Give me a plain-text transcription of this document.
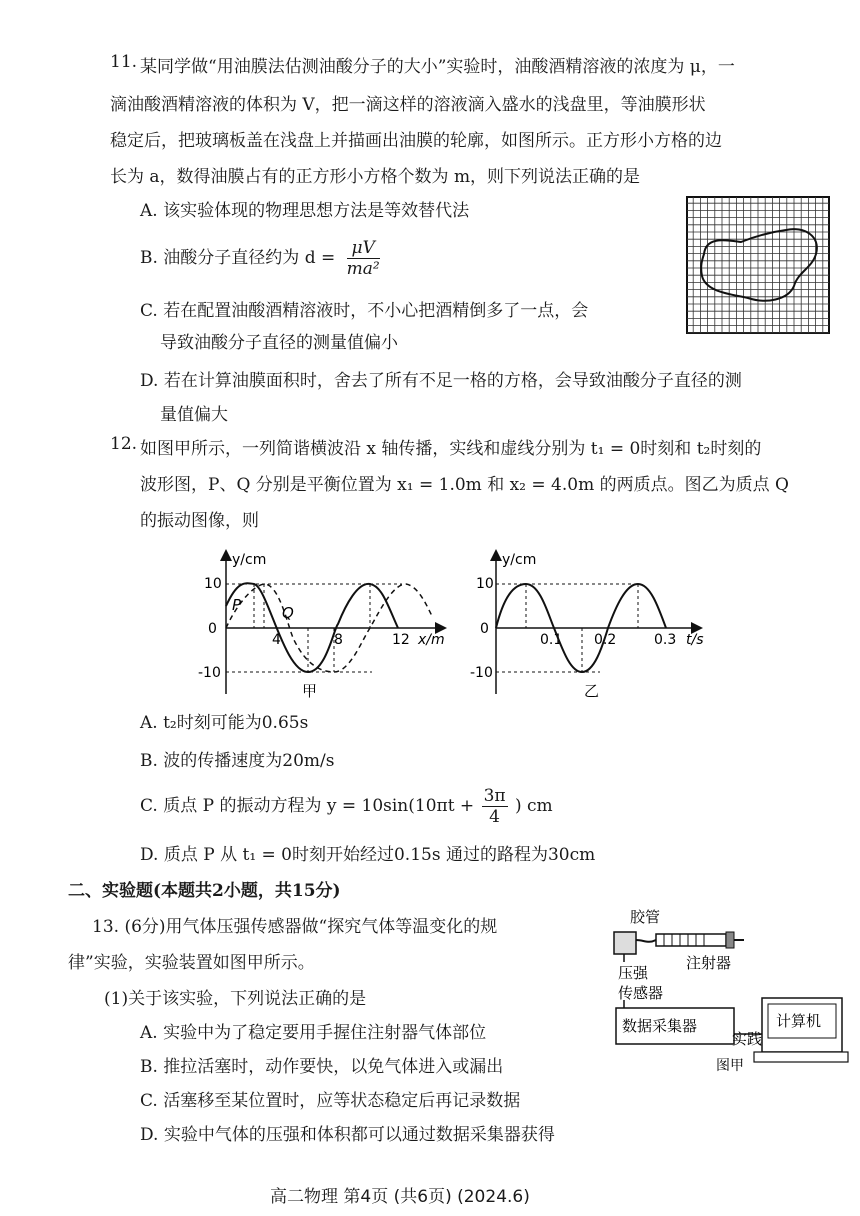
11. 某同学做“用油膜法估测油酸分子的大小”实验时，油酸酒精溶液的浓度为 μ，一
滴油酸酒精溶液的体积为 V，把一滴这样的溶液滴入盛水的浅盘里，等油膜形状
稳定后，把玻璃板盖在浅盘上并描画出油膜的轮廓，如图所示。正方形小方格的边
长为 a，数得油膜占有的正方形小方格个数为 m，则下列说法正确的是
A. 该实验体现的物理思想方法是等效替代法
B. 油酸分子直径约为 $d = \frac{\mu V}{\text{ma²}}$
C. 若在配置油酸酒精溶液时，不小心把酒精倒多了一点，会
导致油酸分子直径的测量值偏小
D. 若在计算油膜面积时，舍去了所有不足一格的方格，会导致油酸分子直径的测
量值偏大
12. 如图甲所示，一列简谐横波沿 x 轴传播，实线和虚线分别为 t₁ = 0时刻和 t₂时刻的
波形图，P、Q 分别是平衡位置为 x₁ = 1.0m 和 x₂ = 4.0m 的两质点。图乙为质点 Q
的振动图像，则
y/cm
x/m
10
0
-10
4	8	12
P	Q
甲
y/cm
t/s
10
0
-10
0.1 0.2	0.3
乙
A. t₂时刻可能为0.65s
B. 波的传播速度为20m/s
C. 质点 P 的振动方程为 $y = 10\sin(10\pi t + \frac{3\pi}{4}$ ) cm
D. 质点 P 从 t₁ = 0时刻开始经过0.15s 通过的路程为30cm
二、实验题(本题共2小题，共15分)
13. (6分)用气体压强传感器做“探究气体等温变化的规
律”实验，实验装置如图甲所示。
(1)关于该实验，下列说法正确的是
A. 实验中为了稳定要用手握住注射器气体部位
B. 推拉活塞时，动作要快，以免气体进入或漏出
C. 活塞移至某位置时，应等状态稳定后再记录数据
D. 实验中气体的压强和体积都可以通过数据采集器获得
胶管
注射器
压强
传感器
数据采集器
实践
计算机
图甲
高二物理 第4页 (共6页) (2024.6)
